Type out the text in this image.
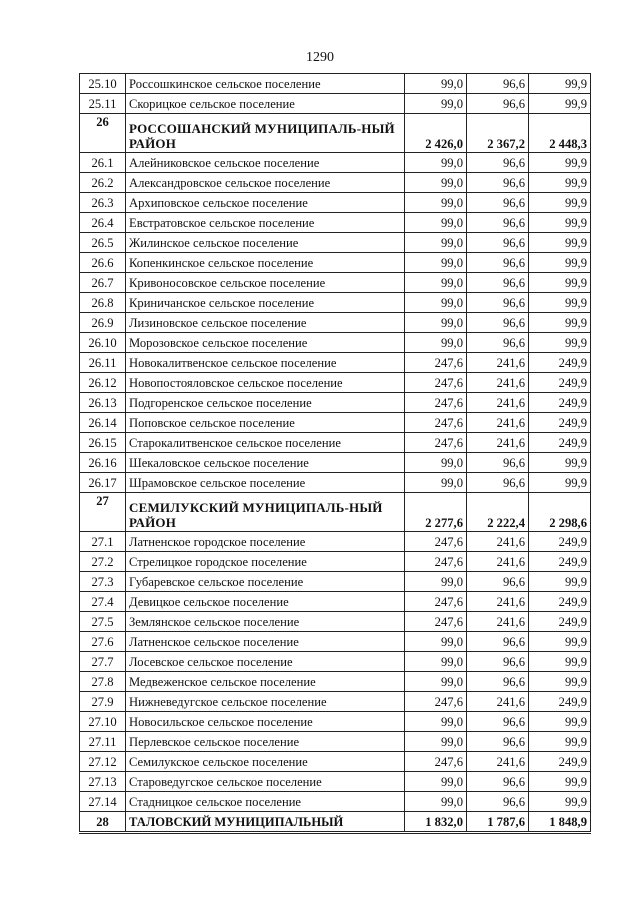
1290
25.10	Россошкинское сельское поселение	99,0	96,6	99,9
25.11	Скорицкое сельское поселение	99,0	96,6	99,9
26	РОССОШАНСКИЙ МУНИЦИПАЛЬ-НЫЙ РАЙОН	2 426,0	2 367,2	2 448,3
26.1	Алейниковское сельское поселение	99,0	96,6	99,9
26.2	Александровское сельское поселение	99,0	96,6	99,9
26.3	Архиповское сельское поселение	99,0	96,6	99,9
26.4	Евстратовское сельское поселение	99,0	96,6	99,9
26.5	Жилинское сельское поселение	99,0	96,6	99,9
26.6	Копенкинское сельское поселение	99,0	96,6	99,9
26.7	Кривоносовское сельское поселение	99,0	96,6	99,9
26.8	Криничанское сельское поселение	99,0	96,6	99,9
26.9	Лизиновское сельское поселение	99,0	96,6	99,9
26.10	Морозовское сельское поселение	99,0	96,6	99,9
26.11	Новокалитвенское сельское поселение	247,6	241,6	249,9
26.12	Новопостояловское сельское поселение	247,6	241,6	249,9
26.13	Подгоренское сельское поселение	247,6	241,6	249,9
26.14	Поповское сельское поселение	247,6	241,6	249,9
26.15	Старокалитвенское сельское поселение	247,6	241,6	249,9
26.16	Шекаловское сельское поселение	99,0	96,6	99,9
26.17	Шрамовское сельское поселение	99,0	96,6	99,9
27	СЕМИЛУКСКИЙ МУНИЦИПАЛЬ-НЫЙ РАЙОН	2 277,6	2 222,4	2 298,6
27.1	Латненское городское поселение	247,6	241,6	249,9
27.2	Стрелицкое городское поселение	247,6	241,6	249,9
27.3	Губаревское сельское поселение	99,0	96,6	99,9
27.4	Девицкое сельское поселение	247,6	241,6	249,9
27.5	Землянское сельское поселение	247,6	241,6	249,9
27.6	Латненское сельское поселение	99,0	96,6	99,9
27.7	Лосевское сельское поселение	99,0	96,6	99,9
27.8	Медвеженское сельское поселение	99,0	96,6	99,9
27.9	Нижневедугское сельское поселение	247,6	241,6	249,9
27.10	Новосильское сельское поселение	99,0	96,6	99,9
27.11	Перлевское сельское поселение	99,0	96,6	99,9
27.12	Семилукское сельское поселение	247,6	241,6	249,9
27.13	Староведугское сельское поселение	99,0	96,6	99,9
27.14	Стадницкое сельское поселение	99,0	96,6	99,9
28	ТАЛОВСКИЙ МУНИЦИПАЛЬНЫЙ	1 832,0	1 787,6	1 848,9
